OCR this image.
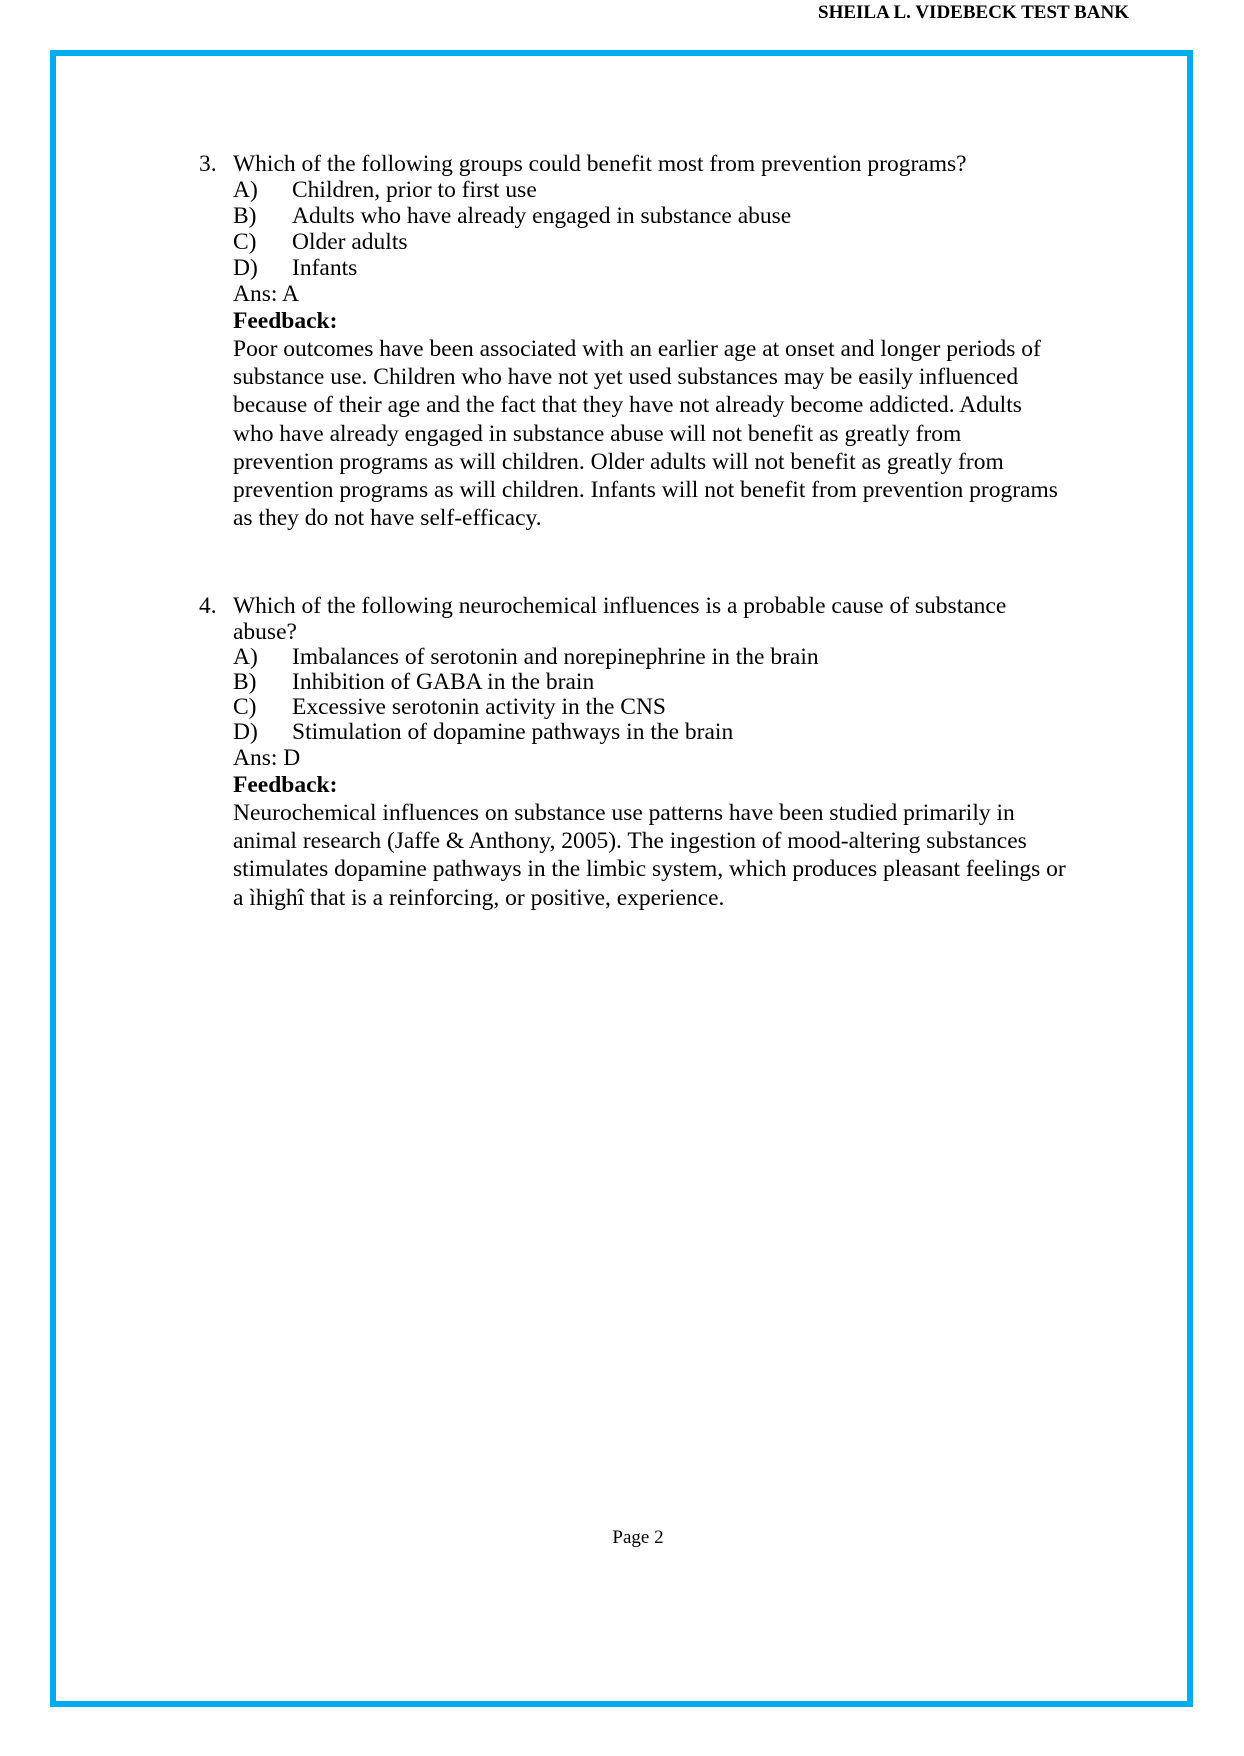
SHEILA L. VIDEBECK TEST BANK
3. Which of the following groups could benefit most from prevention programs?
A) Children, prior to first use
B) Adults who have already engaged in substance abuse
C) Older adults
D) Infants
Ans: A
Feedback:
Poor outcomes have been associated with an earlier age at onset and longer periods of
substance use. Children who have not yet used substances may be easily influenced
because of their age and the fact that they have not already become addicted. Adults
who have already engaged in substance abuse will not benefit as greatly from
prevention programs as will children. Older adults will not benefit as greatly from
prevention programs as will children. Infants will not benefit from prevention programs
as they do not have self-efficacy.
4. Which of the following neurochemical influences is a probable cause of substance
abuse?
A) Imbalances of serotonin and norepinephrine in the brain
B) Inhibition of GABA in the brain
C) Excessive serotonin activity in the CNS
D) Stimulation of dopamine pathways in the brain
Ans: D
Feedback:
Neurochemical influences on substance use patterns have been studied primarily in
animal research (Jaffe & Anthony, 2005). The ingestion of mood-altering substances
stimulates dopamine pathways in the limbic system, which produces pleasant feelings or
a ìhighî that is a reinforcing, or positive, experience.
Page 2
